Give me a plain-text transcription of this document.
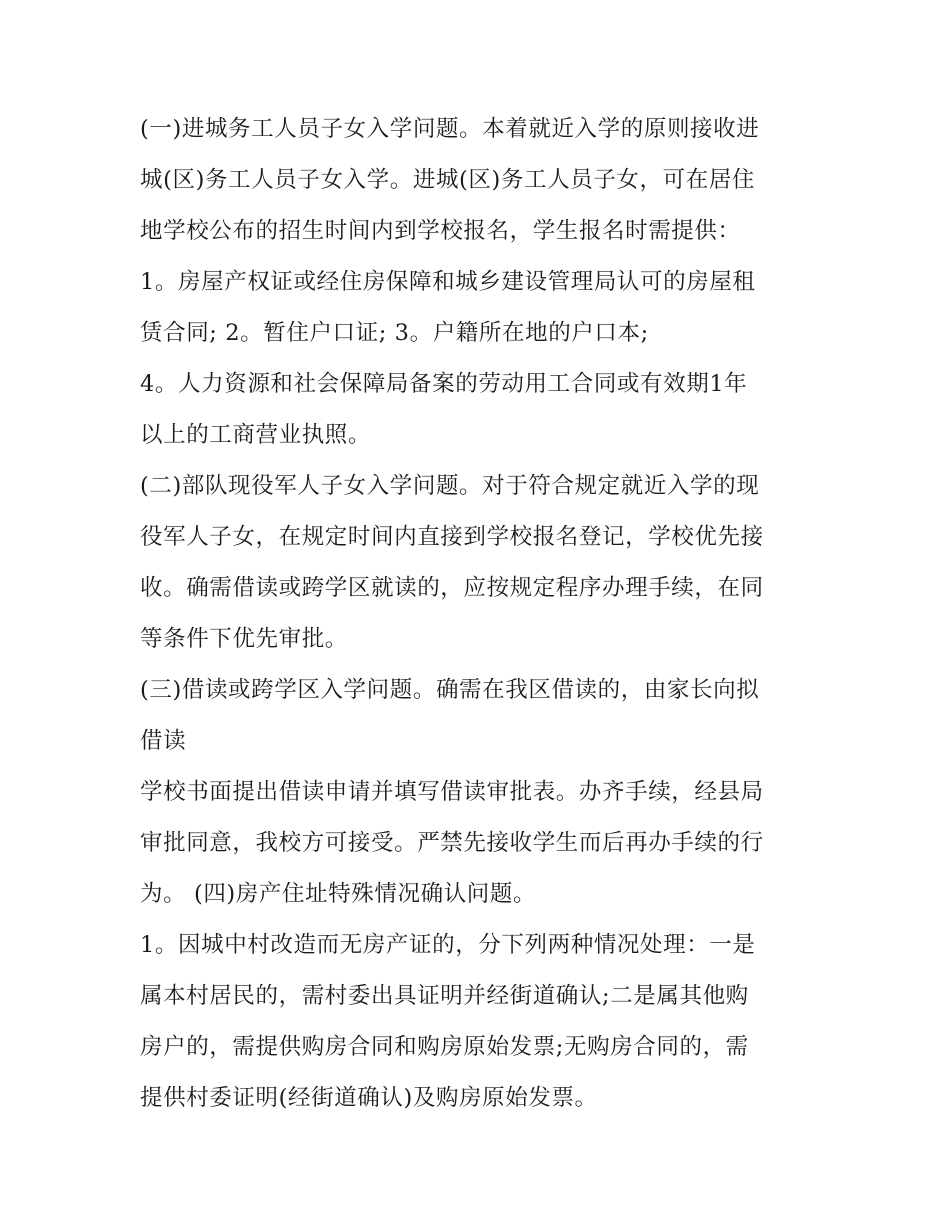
(一)进城务工人员子女入学问题。本着就近入学的原则接收进
城(区)务工人员子女入学。进城(区)务工人员子女，可在居住
地学校公布的招生时间内到学校报名，学生报名时需提供：
1。房屋产权证或经住房保障和城乡建设管理局认可的房屋租
赁合同; 2。暂住户口证; 3。户籍所在地的户口本;
4。人力资源和社会保障局备案的劳动用工合同或有效期1年
以上的工商营业执照。
(二)部队现役军人子女入学问题。对于符合规定就近入学的现
役军人子女，在规定时间内直接到学校报名登记，学校优先接
收。确需借读或跨学区就读的，应按规定程序办理手续，在同
等条件下优先审批。
(三)借读或跨学区入学问题。确需在我区借读的，由家长向拟
借读
学校书面提出借读申请并填写借读审批表。办齐手续，经县局
审批同意，我校方可接受。严禁先接收学生而后再办手续的行
为。 (四)房产住址特殊情况确认问题。
1。因城中村改造而无房产证的，分下列两种情况处理：一是
属本村居民的，需村委出具证明并经街道确认;二是属其他购
房户的，需提供购房合同和购房原始发票;无购房合同的，需
提供村委证明(经街道确认)及购房原始发票。
